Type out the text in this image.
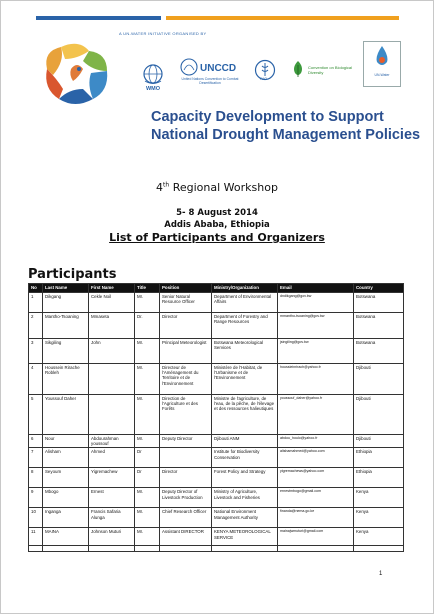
A UN-WATER INITIATIVE ORGANISED BY
WMO
UNCCD
United Nations Convention to Combat Desertification
FAO
Convention on Biological Diversity	UN-Water
Capacity Development to Support
National Drought Management Policies
4th Regional Workshop
5- 8 August 2014
Addis Ababa, Ethiopia
List of Participants and Organizers
Participants
No	Last Name	First Name	Title	Position	Ministry/Organization	Email	Country
1	Dikgang	Cekle Noil	Mr.	Senior Natural Resource Officer	Department of Environmental Affairs	dndikgang@gov.bw	Botswana
2	Mantho-Tsoaning	Mmaseta	Dr.	Director	Department of Forestry and Range Resources	mmantho-tsoaning@gov.bw	Botswana
3	Sikgiling	John	Mr.	Principal Meteorologist	Botswana Meteorological Services	jsingiling@gov.bw	Botswana
4	Houssein Rirache Robleh		Mr.	Directeur de l'Aménagement du Territoire et de l'Environnement	Ministère de l'Habitat, de l'Urbanisme et de l'Environnement	houssieinrirach@yahoo.fr	Djibouti
5	Youssouf Daher		Mr.	Direction de l'Agriculture et des Forêts	Ministre de l'agriculture, de l'eau, de la pêche, de l'élevage et des ressources halieutiques	youssouf_daher@yahoo.fr	Djibouti
6	Nour	Abdourahman youssouf	Mr.	Deputy Director	Djibouti ANM	abdou_houlo@yahoo.fr	Djibouti
7	Alisham	Ahmed	Dr		Institute for Biodiversity Conservation	alishamahmed@yahoo.com	Ethiopia
8	Seyoum	Yigremachew	Dr	Director	Forest Policy and Strategy	yigremachews@yahoo.com	Ethiopia
9	Mbogo	Ernest	Mr.	Deputy Director of Livestock Production	Ministry of Agriculture, Livestock and Fisheries	ernestmbogo@gmail.com	Kenya
10	Inganga	Francis Safaria Alunga	Mr.	Chief Research Officer	National Environment Management Authority	finanda@nema.go.ke	Kenya
11	MAINA	Johnson Muturi	Mr.	Assistant DIRECTOR	KENYA METEOROLOGICAL SERVICE	mainajwmuturi@gmail.com	Kenya

1
